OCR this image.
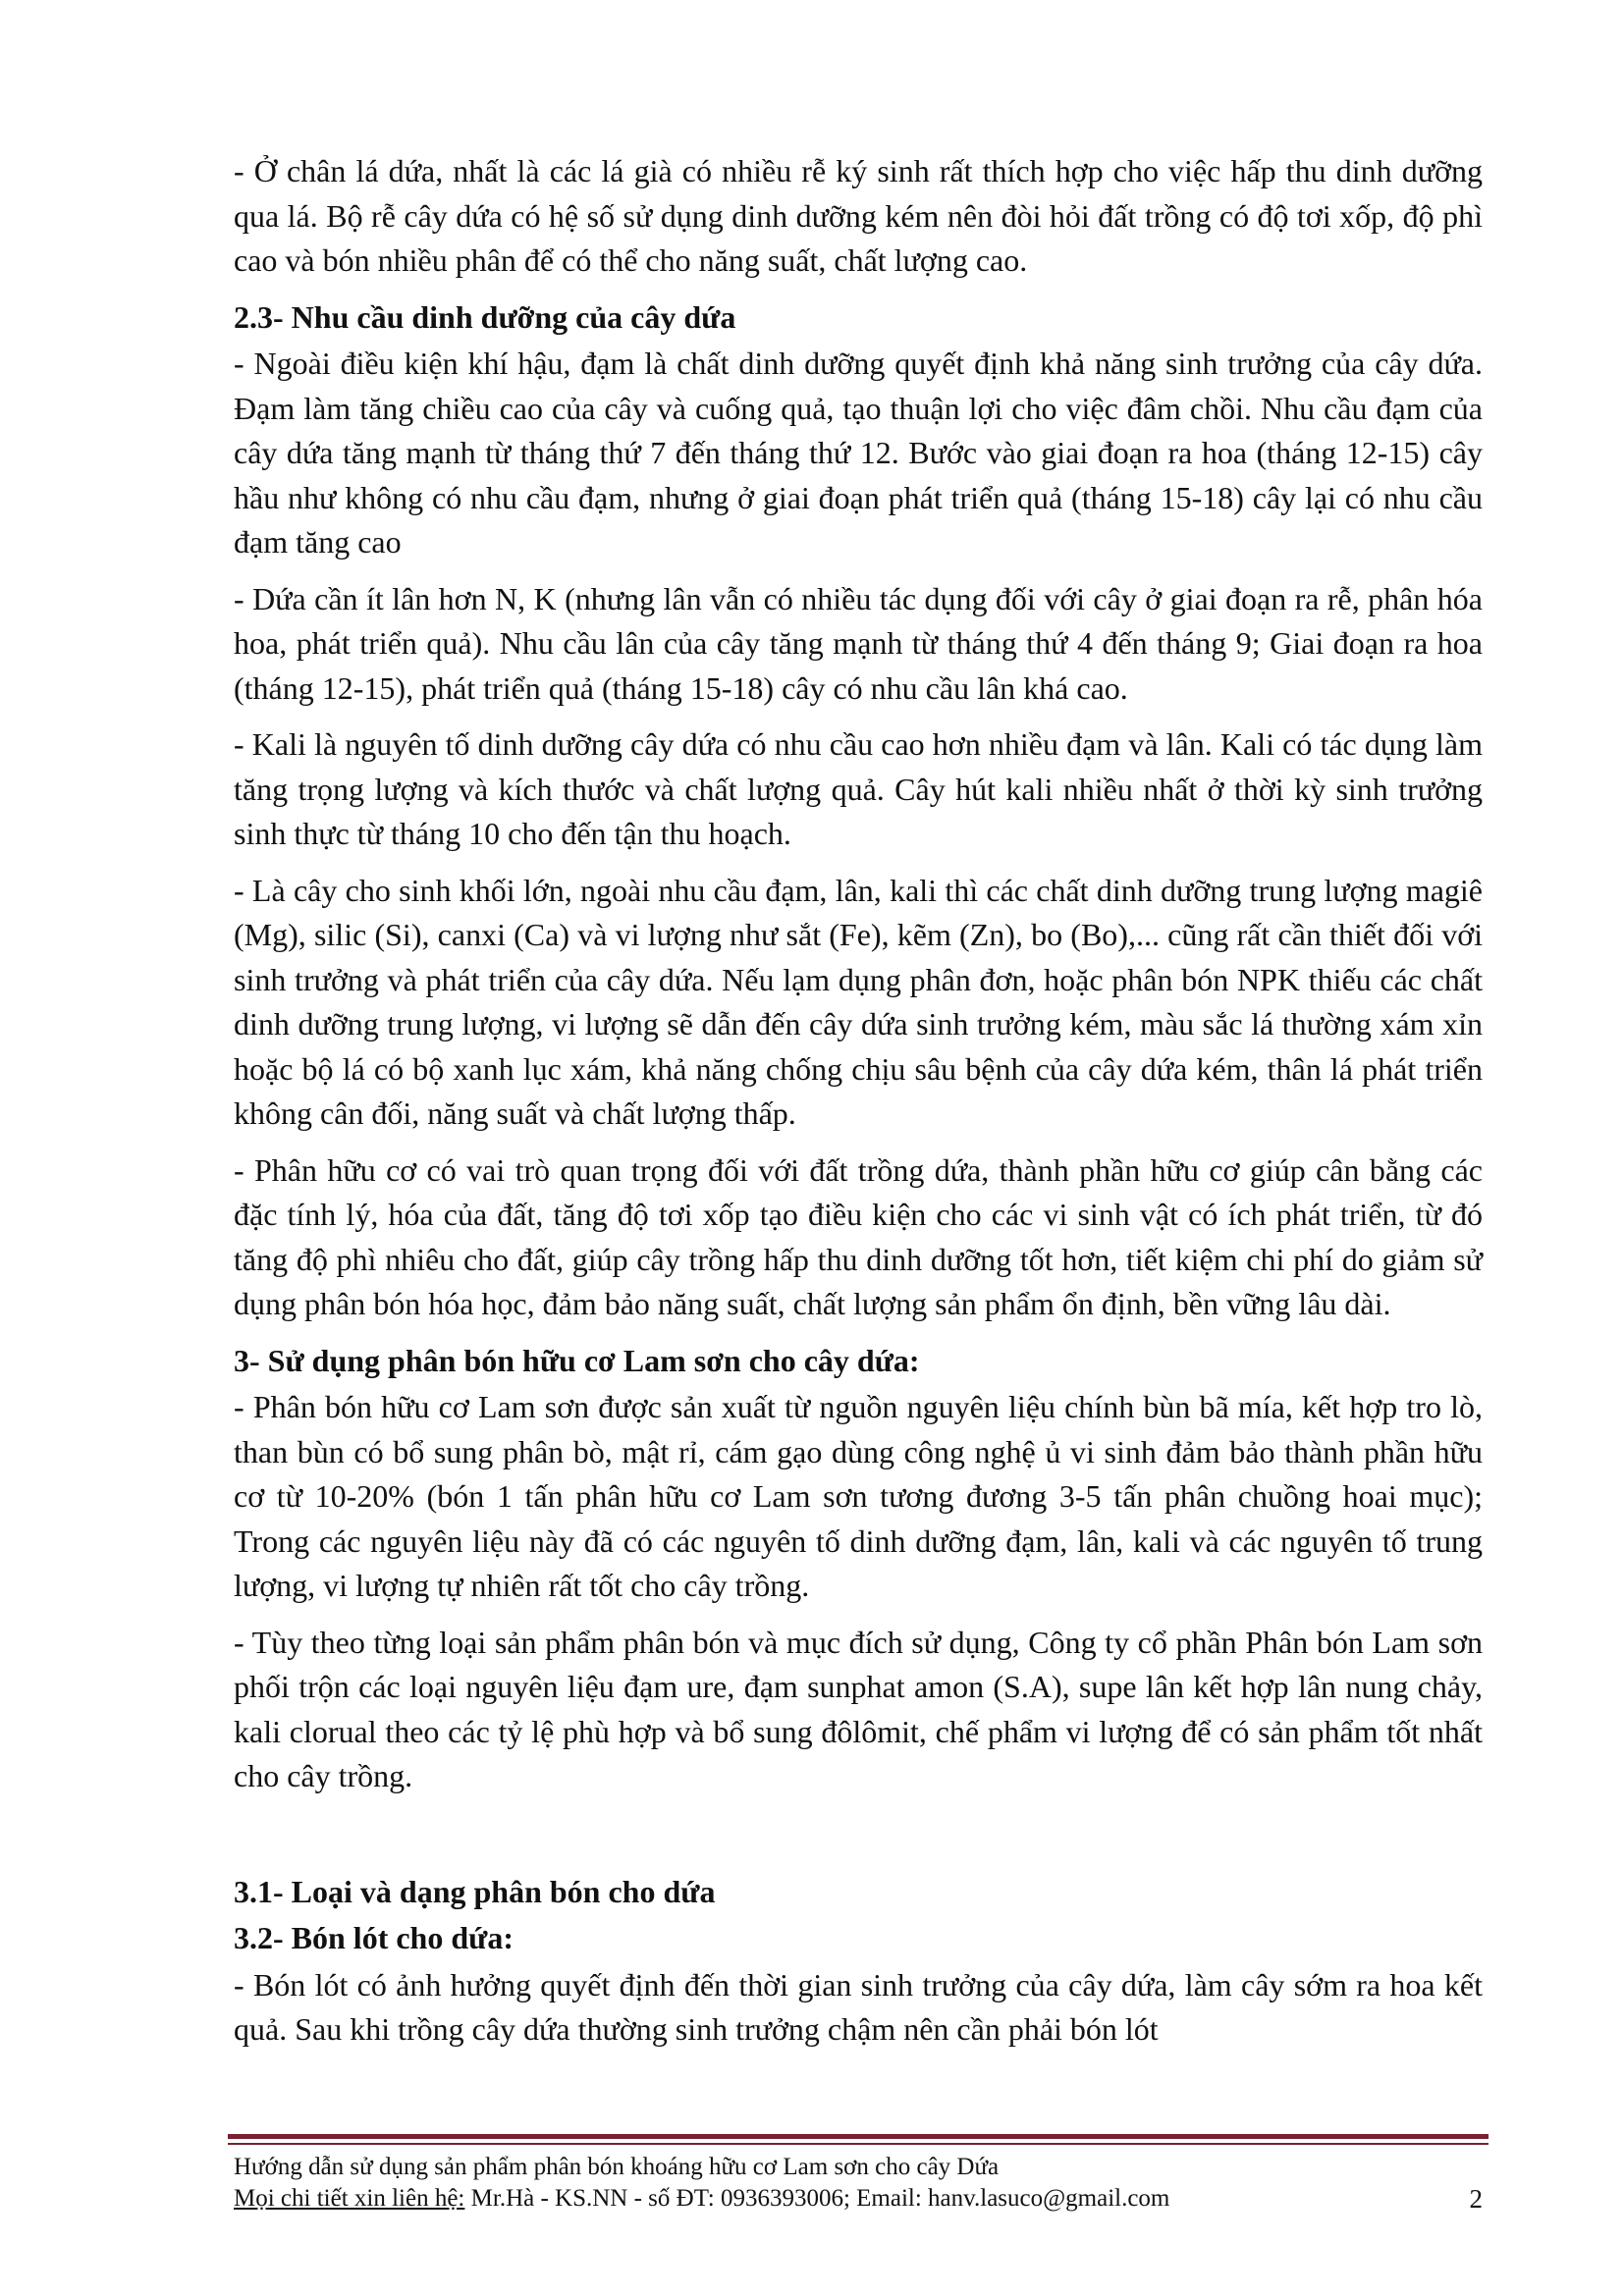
- Ở chân lá dứa, nhất là các lá già có nhiều rễ ký sinh rất thích hợp cho việc hấp thu dinh dưỡng qua lá. Bộ rễ cây dứa có hệ số sử dụng dinh dưỡng kém nên đòi hỏi đất trồng có độ tơi xốp, độ phì cao và bón nhiều phân để có thể cho năng suất, chất lượng cao.

2.3- Nhu cầu dinh dưỡng của cây dứa

- Ngoài điều kiện khí hậu, đạm là chất dinh dưỡng quyết định khả năng sinh trưởng của cây dứa. Đạm làm tăng chiều cao của cây và cuống quả, tạo thuận lợi cho việc đâm chồi. Nhu cầu đạm của cây dứa tăng mạnh từ tháng thứ 7 đến tháng thứ 12. Bước vào giai đoạn ra hoa (tháng 12-15) cây hầu như không có nhu cầu đạm, nhưng ở giai đoạn phát triển quả (tháng 15-18) cây lại có nhu cầu đạm tăng cao

- Dứa cần ít lân hơn N, K (nhưng lân vẫn có nhiều tác dụng đối với cây ở giai đoạn ra rễ, phân hóa hoa, phát triển quả). Nhu cầu lân của cây tăng mạnh từ tháng thứ 4 đến tháng 9; Giai đoạn ra hoa (tháng 12-15), phát triển quả (tháng 15-18) cây có nhu cầu lân khá cao.

- Kali là nguyên tố dinh dưỡng cây dứa có nhu cầu cao hơn nhiều đạm và lân. Kali có tác dụng làm tăng trọng lượng và kích thước và chất lượng quả. Cây hút kali nhiều nhất ở thời kỳ sinh trưởng sinh thực từ tháng 10 cho đến tận thu hoạch.

- Là cây cho sinh khối lớn, ngoài nhu cầu đạm, lân, kali thì các chất dinh dưỡng trung lượng magiê (Mg), silic (Si), canxi (Ca) và vi lượng như sắt (Fe), kẽm (Zn), bo (Bo),... cũng rất cần thiết đối với sinh trưởng và phát triển của cây dứa. Nếu lạm dụng phân đơn, hoặc phân bón NPK thiếu các chất dinh dưỡng trung lượng, vi lượng sẽ dẫn đến cây dứa sinh trưởng kém, màu sắc lá thường xám xỉn hoặc bộ lá có bộ xanh lục xám, khả năng chống chịu sâu bệnh của cây dứa kém, thân lá phát triển không cân đối, năng suất và chất lượng thấp.

- Phân hữu cơ có vai trò quan trọng đối với đất trồng dứa, thành phần hữu cơ giúp cân bằng các đặc tính lý, hóa của đất, tăng độ tơi xốp tạo điều kiện cho các vi sinh vật có ích phát triển, từ đó tăng độ phì nhiêu cho đất, giúp cây trồng hấp thu dinh dưỡng tốt hơn, tiết kiệm chi phí do giảm sử dụng phân bón hóa học, đảm bảo năng suất, chất lượng sản phẩm ổn định, bền vững lâu dài.

3- Sử dụng phân bón hữu cơ Lam sơn cho cây dứa:

- Phân bón hữu cơ Lam sơn được sản xuất từ nguồn nguyên liệu chính bùn bã mía, kết hợp tro lò, than bùn có bổ sung phân bò, mật rỉ, cám gạo dùng công nghệ ủ vi sinh đảm bảo thành phần hữu cơ từ 10-20% (bón 1 tấn phân hữu cơ Lam sơn tương đương 3-5 tấn phân chuồng hoai mục); Trong các nguyên liệu này đã có các nguyên tố dinh dưỡng đạm, lân, kali và các nguyên tố trung lượng, vi lượng tự nhiên rất tốt cho cây trồng.

- Tùy theo từng loại sản phẩm phân bón và mục đích sử dụng, Công ty cổ phần Phân bón Lam sơn phối trộn các loại nguyên liệu đạm ure, đạm sunphat amon (S.A), supe lân kết hợp lân nung chảy, kali clorual theo các tỷ lệ phù hợp và bổ sung đôlômit, chế phẩm vi lượng để có sản phẩm tốt nhất cho cây trồng.

3.1- Loại và dạng phân bón cho dứa

3.2- Bón lót cho dứa:

- Bón lót có ảnh hưởng quyết định đến thời gian sinh trưởng của cây dứa, làm cây sớm ra hoa kết quả. Sau khi trồng cây dứa thường sinh trưởng chậm nên cần phải bón lót

Hướng dẫn sử dụng sản phẩm phân bón khoáng hữu cơ Lam sơn cho cây Dứa
Mọi chi tiết xin liên hệ: Mr.Hà - KS.NN - số ĐT: 0936393006; Email: hanv.lasuco@gmail.com	2
